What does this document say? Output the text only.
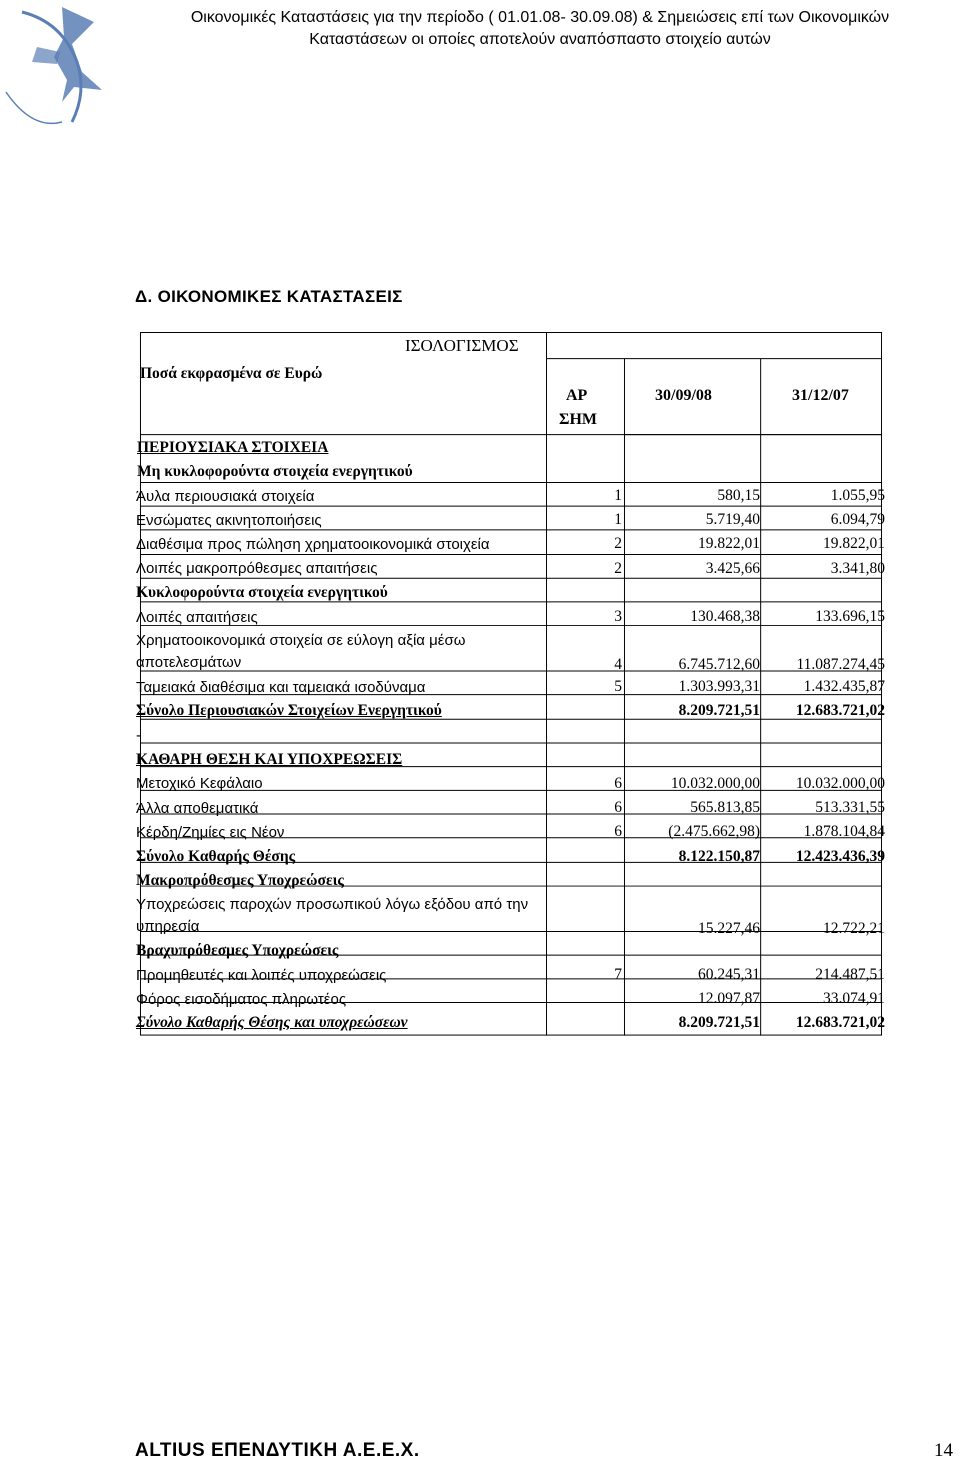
Οικονομικές Καταστάσεις για την περίοδο ( 01.01.08- 30.09.08) & Σημειώσεις επί των Οικονομικών
Καταστάσεων οι οποίες αποτελούν αναπόσπαστο στοιχείο αυτών
Δ. ΟΙΚΟΝΟΜΙΚΕΣ ΚΑΤΑΣΤΑΣΕΙΣ
ΙΣΟΛΟΓΙΣΜΟΣ
Ποσά εκφρασμένα σε Ευρώ
ΑΡ
ΣΗΜ
30/09/08	31/12/07
ΠΕΡΙΟΥΣΙΑΚΑ ΣΤΟΙΧΕΙΑ
Μη κυκλοφορούντα στοιχεία ενεργητικού
Άυλα περιουσιακά στοιχεία	1	580,15	1.055,95
Ενσώματες ακινητοποιήσεις	1	5.719,40	6.094,79
Διαθέσιμα προς πώληση χρηματοοικονομικά στοιχεία	2	19.822,01	19.822,01
Λοιπές μακροπρόθεσμες απαιτήσεις	2	3.425,66	3.341,80
Κυκλοφορούντα στοιχεία ενεργητικού
Λοιπές απαιτήσεις	3	130.468,38	133.696,15
Χρηματοοικονομικά στοιχεία σε εύλογη αξία μέσω αποτελεσμάτων	4	6.745.712,60	11.087.274,45
Ταμειακά διαθέσιμα και ταμειακά ισοδύναμα	5	1.303.993,31	1.432.435,87
Σύνολο Περιουσιακών Στοιχείων Ενεργητικού	8.209.721,51	12.683.721,02
-
ΚΑΘΑΡΗ ΘΕΣΗ ΚΑΙ ΥΠΟΧΡΕΩΣΕΙΣ
Μετοχικό Κεφάλαιο	6	10.032.000,00	10.032.000,00
Άλλα αποθεματικά	6	565.813,85	513.331,55
Κέρδη/Ζημίες εις Νέον	6	(2.475.662,98)	1.878.104,84
Σύνολο Καθαρής Θέσης	8.122.150,87	12.423.436,39
Μακροπρόθεσμες Υποχρεώσεις
Υποχρεώσεις παροχών προσωπικού λόγω εξόδου από την υπηρεσία	15.227,46	12.722,21
Βραχυπρόθεσμες Υποχρεώσεις
Προμηθευτές και λοιπές υποχρεώσεις	7	60.245,31	214.487,51
Φόρος εισοδήματος πληρωτέος	12.097,87	33.074,91
Σύνολο Καθαρής Θέσης και υποχρεώσεων	8.209.721,51	12.683.721,02
ALTIUS ΕΠΕΝΔΥΤΙΚΗ Α.Ε.Ε.Χ.	14
